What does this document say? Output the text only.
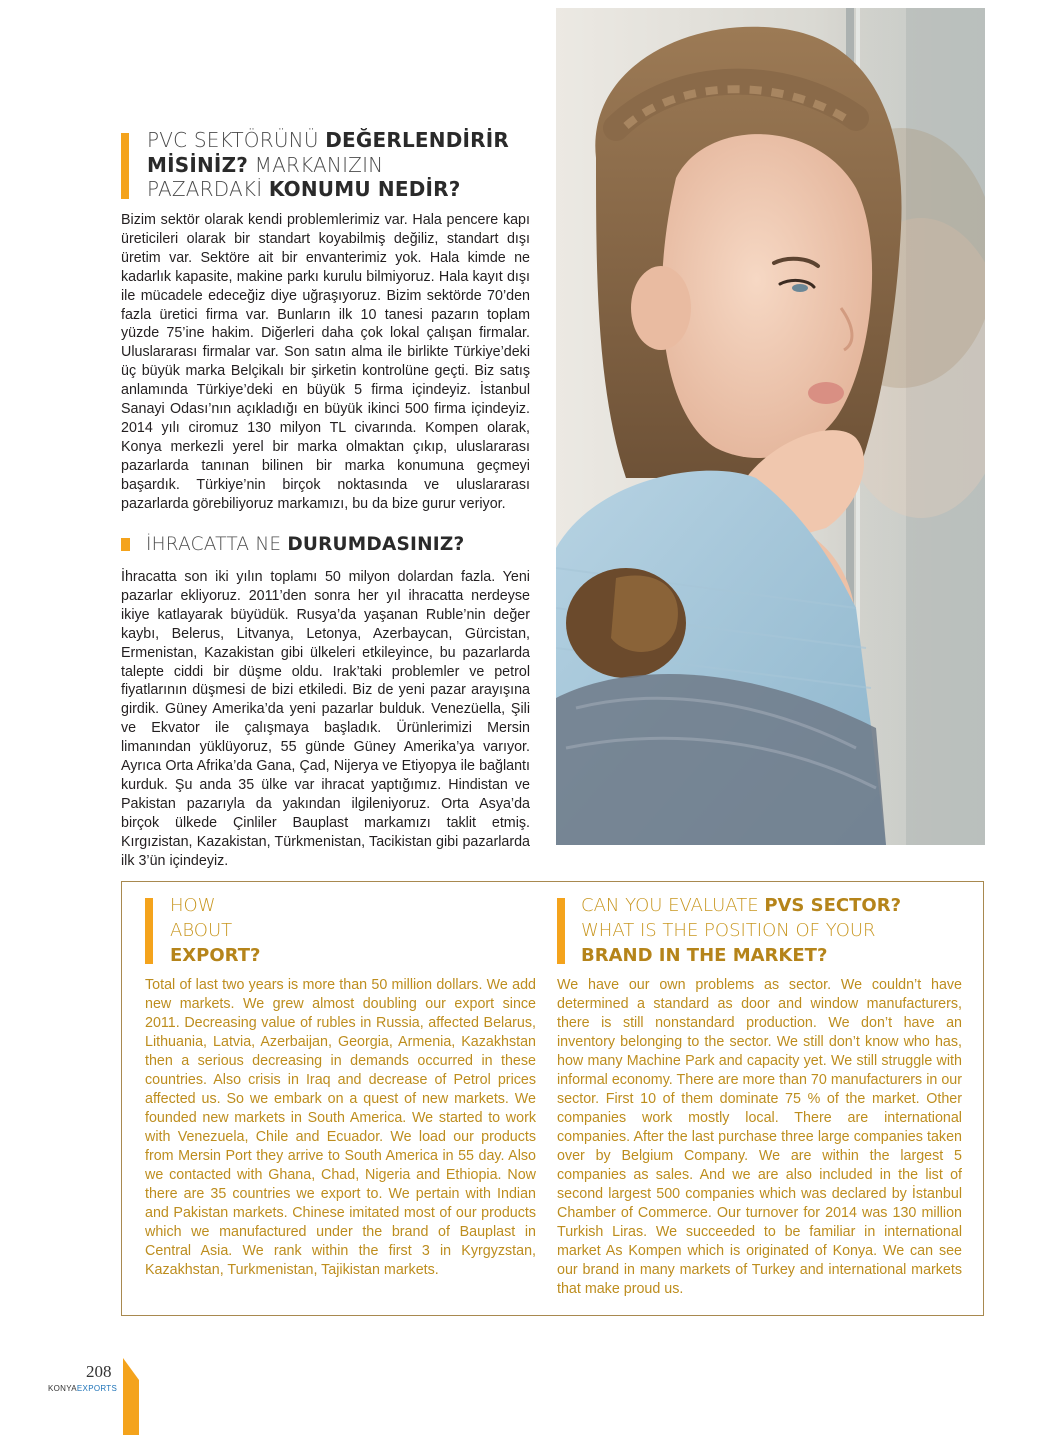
PVC SEKTÖRÜNÜ DEĞERLENDİRİR
MİSİNİZ? MARKANIZIN
PAZARDAKİ KONUMU NEDİR?

Bizim sektör olarak kendi problemlerimiz var. Hala pencere kapı üreticileri olarak bir standart koyabilmiş değiliz, standart dışı üretim var. Sektöre ait bir envanterimiz yok. Hala kimde ne kadarlık kapasite, makine parkı kurulu bilmiyoruz. Hala kayıt dışı ile mücadele edeceğiz diye uğraşıyoruz. Bizim sektörde 70’den fazla üretici firma var. Bunların ilk 10 tanesi pazarın toplam yüzde 75’ine hakim. Diğerleri daha çok lokal çalışan firmalar. Uluslararası firmalar var. Son satın alma ile birlikte Türkiye’deki üç büyük marka Belçikalı bir şirketin kontrolüne geçti. Biz satış anlamında Türkiye’deki en büyük 5 firma içindeyiz. İstanbul Sanayi Odası’nın açıkladığı en büyük ikinci 500 firma içindeyiz. 2014 yılı ciromuz 130 milyon TL civarında. Kompen olarak, Konya merkezli yerel bir marka olmaktan çıkıp, uluslararası pazarlarda tanınan bilinen bir marka konumuna geçmeyi başardık. Türkiye’nin birçok noktasında ve uluslararası pazarlarda görebiliyoruz markamızı, bu da bize gurur veriyor.

İHRACATTA NE DURUMDASINIZ?

İhracatta son iki yılın toplamı 50 milyon dolardan fazla. Yeni pazarlar ekliyoruz. 2011’den sonra her yıl ihracatta nerdeyse ikiye katlayarak büyüdük. Rusya’da yaşanan Ruble’nin değer kaybı, Belerus, Litvanya, Letonya, Azerbaycan, Gürcistan, Ermenistan, Kazakistan gibi ülkeleri etkileyince, bu pazarlarda talepte ciddi bir düşme oldu. Irak’taki problemler ve petrol fiyatlarının düşmesi de bizi etkiledi. Biz de yeni pazar arayışına girdik. Güney Amerika’da yeni pazarlar bulduk. Venezüella, Şili ve Ekvator ile çalışmaya başladık. Ürünlerimizi Mersin limanından yüklüyoruz, 55 günde Güney Amerika’ya varıyor. Ayrıca Orta Afrika’da Gana, Çad, Nijerya ve Etiyopya ile bağlantı kurduk. Şu anda 35 ülke var ihracat yaptığımız. Hindistan ve Pakistan pazarıyla da yakından ilgileniyoruz. Orta Asya’da birçok ülkede Çinliler Bauplast markamızı taklit etmiş. Kırgızistan, Kazakistan, Türkmenistan, Tacikistan gibi pazarlarda ilk 3’ün içindeyiz.

HOW
ABOUT
EXPORT?

Total of last two years is more than 50 million dollars. We add new markets. We grew almost doubling our export since 2011. Decreasing value of rubles in Russia, affected Belarus, Lithuania, Latvia, Azerbaijan, Georgia, Armenia, Kazakhstan then a serious decreasing in demands occurred in these countries. Also crisis in Iraq and decrease of Petrol prices affected us. So we embark on a quest of new markets. We founded new markets in South America. We started to work with Venezuela, Chile and Ecuador. We load our products from Mersin Port they arrive to South America in 55 day. Also we contacted with Ghana, Chad, Nigeria and Ethiopia. Now there are 35 countries we export to. We pertain with Indian and Pakistan markets. Chinese imitated most of our products which we manufactured under the brand of Bauplast in Central Asia. We rank within the first 3 in Kyrgyzstan, Kazakhstan, Turkmenistan, Tajikistan markets.

CAN YOU EVALUATE PVS SECTOR?
WHAT IS THE POSITION OF YOUR
BRAND IN THE MARKET?

We have our own problems as sector. We couldn’t have determined a standard as door and window manufacturers, there is still nonstandard production. We don’t have an inventory belonging to the sector. We still don’t know who has, how many Machine Park and capacity yet. We still struggle with informal economy. There are more than 70 manufacturers in our sector. First 10 of them dominate 75 % of the market. Other companies work mostly local. There are international companies. After the last purchase three large companies taken over by Belgium Company. We are within the largest 5 companies as sales. And we are also included in the list of second largest 500 companies which was declared by İstanbul Chamber of Commerce. Our turnover for 2014 was 130 million Turkish Liras. We succeeded to be familiar in international market As Kompen which is originated of Konya. We can see our brand in many markets of Turkey and international markets that make proud us.

208
KONYAEXPORTS
